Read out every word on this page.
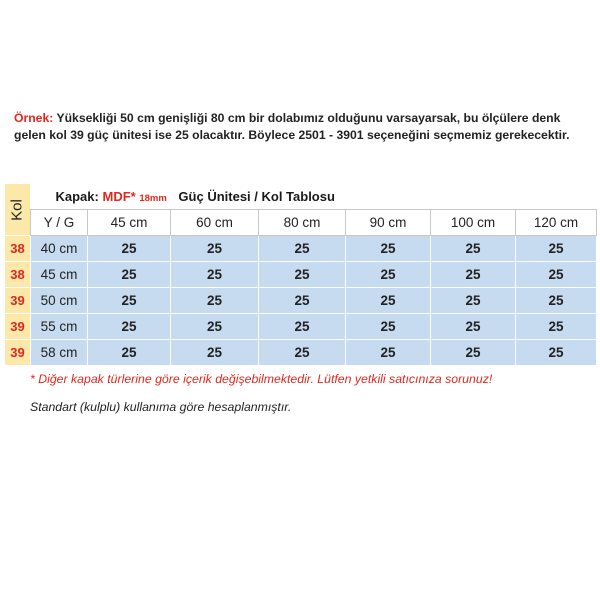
Örnek: Yüksekliği 50 cm genişliği 80 cm bir dolabımız olduğunu varsayarsak, bu ölçülere denk gelen kol 39 güç ünitesi ise 25 olacaktır. Böylece 2501 - 3901 seçeneğini seçmemiz gerekecektir.
Kol	Kapak: MDF* 18mm Güç Ünitesi / Kol Tablosu						
	Y / G	45 cm	60 cm	80 cm	90 cm	100 cm	120 cm
38	40 cm	25	25	25	25	25	25
38	45 cm	25	25	25	25	25	25
39	50 cm	25	25	25	25	25	25
39	55 cm	25	25	25	25	25	25
39	58 cm	25	25	25	25	25	25
* Diğer kapak türlerine göre içerik değişebilmektedir. Lütfen yetkili satıcınıza sorunuz!
Standart (kulplu) kullanıma göre hesaplanmıştır.
